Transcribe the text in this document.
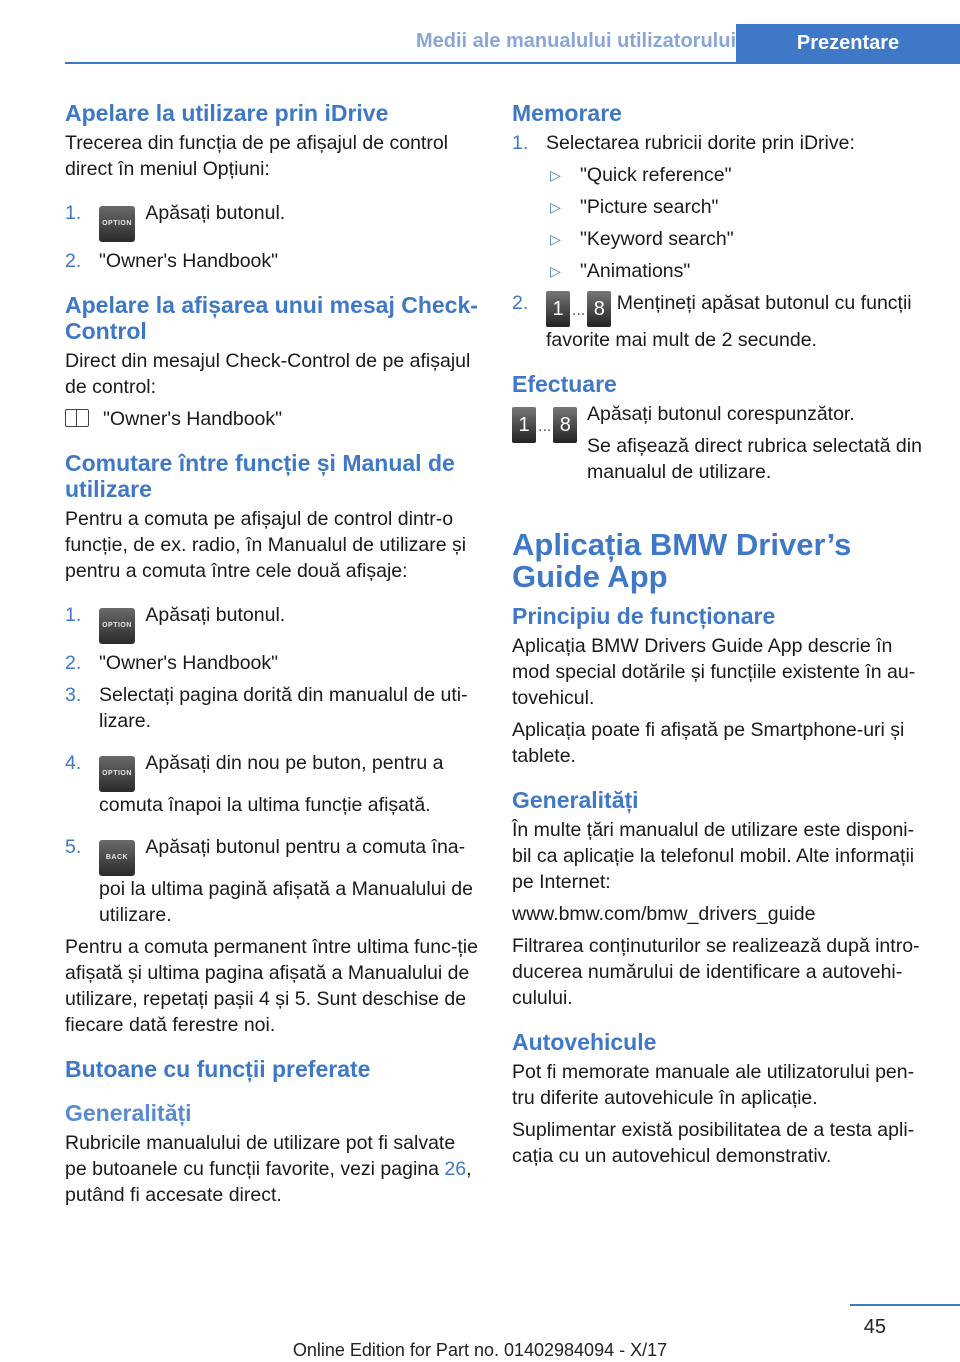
Medii ale manualului utilizatorului	Prezentare
Apelare la utilizare prin iDrive

Trecerea din funcția de pe afișajul de control direct în meniul Opțiuni:

1.	OPTION Apăsați butonul.
2. "Owner's Handbook"
Apelare la afișarea unui mesaj Check-Control

Direct din mesajul Check-Control de pe afișajul de control:

"Owner's Handbook"

Comutare între funcție și Manual de utilizare

Pentru a comuta pe afișajul de control dintr-o funcție, de ex. radio, în Manualul de utilizare și pentru a comuta între cele două afișaje:

1.	OPTION Apăsați butonul.
2. "Owner's Handbook"
3. Selectați pagina dorită din manualul de uti‐lizare.
4.	OPTION Apăsați din nou pe buton, pentru a comuta înapoi la ultima funcție afișată.
5.	BACK Apăsați butonul pentru a comuta îna‐poi la ultima pagină afișată a Manualului de utilizare.

Pentru a comuta permanent între ultima func‐ție afișată și ultima pagina afișată a Manualului de utilizare, repetați pașii 4 și 5. Sunt deschise de fiecare dată ferestre noi.

Butoane cu funcții preferate
Generalități

Rubricile manualului de utilizare pot fi salvate pe butoanele cu funcții favorite, vezi pagina 26, putând fi accesate direct.

Memorare
1. Selectarea rubricii dorite prin iDrive:
▷ "Quick reference"
▷ "Picture search"
▷ "Keyword search"
▷ "Animations"
2. 1 ... 8 Mențineți apăsat butonul cu funcții favorite mai mult de 2 secunde.
Efectuare
1 ... 8 Apăsați butonul corespunzător.

Se afișează direct rubrica selectată din manualul de utilizare.

Aplicația BMW Driver’s Guide App
Principiu de funcționare

Aplicația BMW Drivers Guide App descrie în mod special dotările și funcțiile existente în au‐tovehicul.

Aplicația poate fi afișată pe Smartphone-uri și tablete.

Generalități

În multe țări manualul de utilizare este disponi‐bil ca aplicație la telefonul mobil. Alte informații pe Internet:

www.bmw.com/bmw_drivers_guide

Filtrarea conținuturilor se realizează după intro‐ducerea numărului de identificare a autovehi‐culului.

Autovehicule

Pot fi memorate manuale ale utilizatorului pen‐tru diferite autovehicule în aplicație.

Suplimentar există posibilitatea de a testa apli‐cația cu un autovehicul demonstrativ.

45
Online Edition for Part no. 01402984094 - X/17
